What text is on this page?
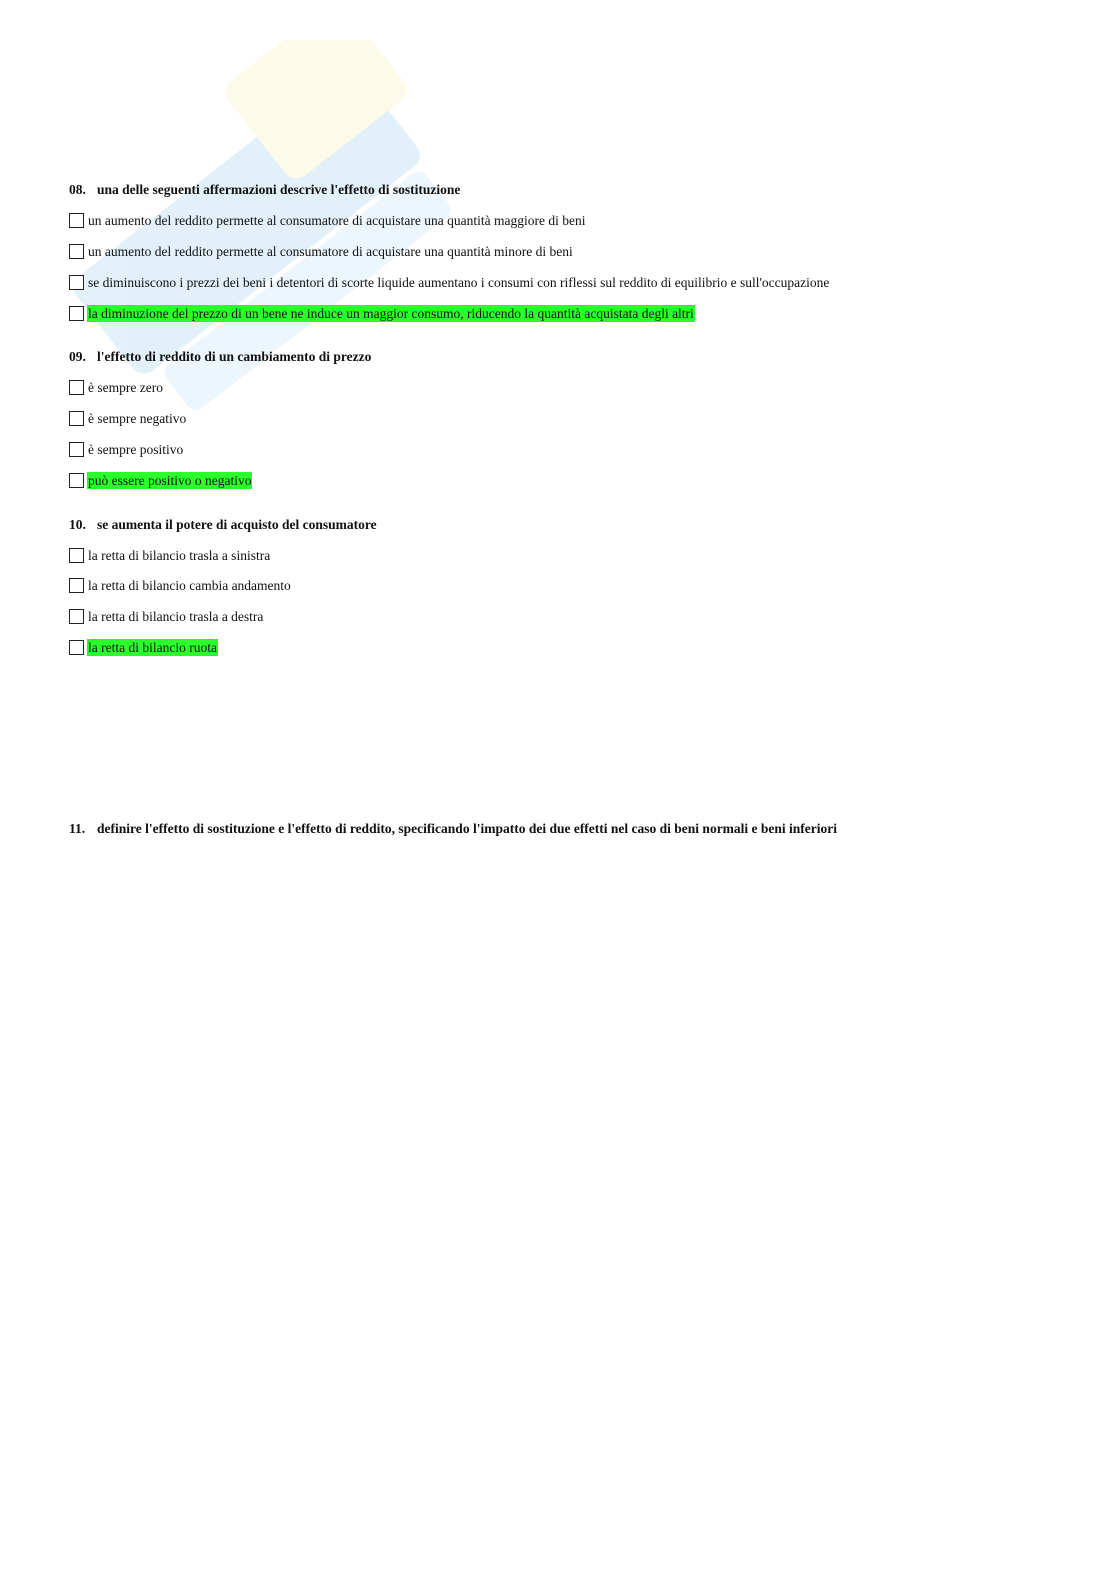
08. una delle seguenti affermazioni descrive l'effetto di sostituzione
un aumento del reddito permette al consumatore di acquistare una quantità maggiore di beni
un aumento del reddito permette al consumatore di acquistare una quantità minore di beni
se diminuiscono i prezzi dei beni i detentori di scorte liquide aumentano i consumi con riflessi sul reddito di equilibrio e sull'occupazione
la diminuzione del prezzo di un bene ne induce un maggior consumo, riducendo la quantità acquistata degli altri
09. l'effetto di reddito di un cambiamento di prezzo
è sempre zero
è sempre negativo
è sempre positivo
può essere positivo o negativo
10. se aumenta il potere di acquisto del consumatore
la retta di bilancio trasla a sinistra
la retta di bilancio cambia andamento
la retta di bilancio trasla a destra
la retta di bilancio ruota
11. definire l'effetto di sostituzione e l'effetto di reddito, specificando l'impatto dei due effetti nel caso di beni normali e beni inferiori
